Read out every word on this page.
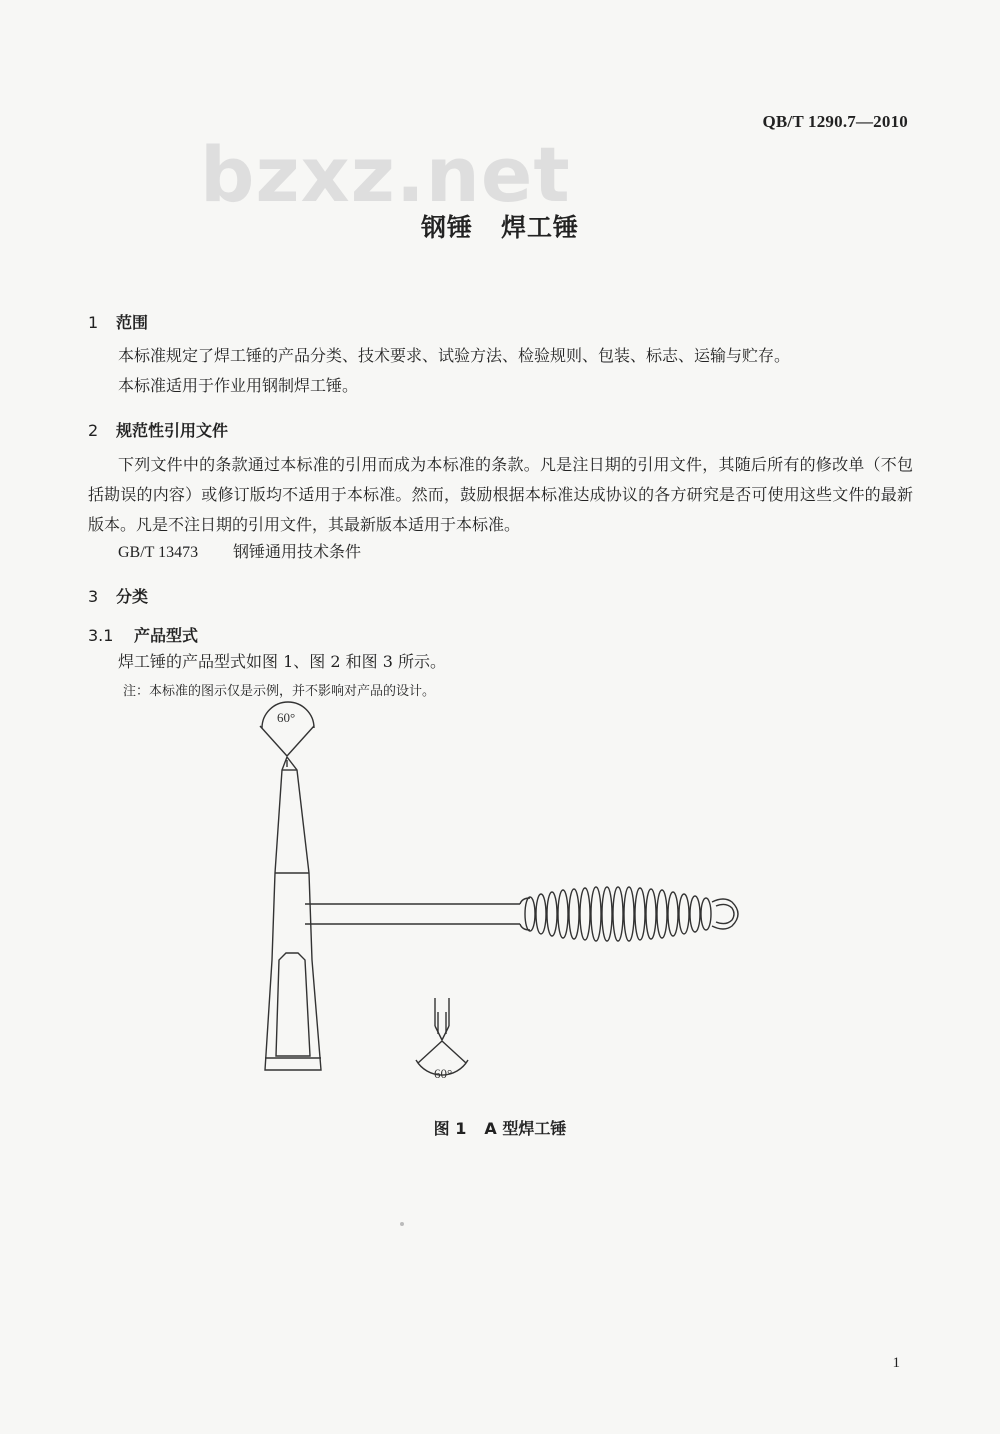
bzxz.net
QB/T 1290.7—2010
钢锤 焊工锤
1 范围
本标准规定了焊工锤的产品分类、技术要求、试验方法、检验规则、包装、标志、运输与贮存。
本标准适用于作业用钢制焊工锤。
2 规范性引用文件
下列文件中的条款通过本标准的引用而成为本标准的条款。凡是注日期的引用文件，其随后所有的修改单（不包括勘误的内容）或修订版均不适用于本标准。然而，鼓励根据本标准达成协议的各方研究是否可使用这些文件的最新版本。凡是不注日期的引用文件，其最新版本适用于本标准。
GB/T 13473 钢锤通用技术条件
3 分类
3.1 产品型式
焊工锤的产品型式如图 1、图 2 和图 3 所示。
注：本标准的图示仅是示例，并不影响对产品的设计。
60°
60°
图 1 A 型焊工锤
1
